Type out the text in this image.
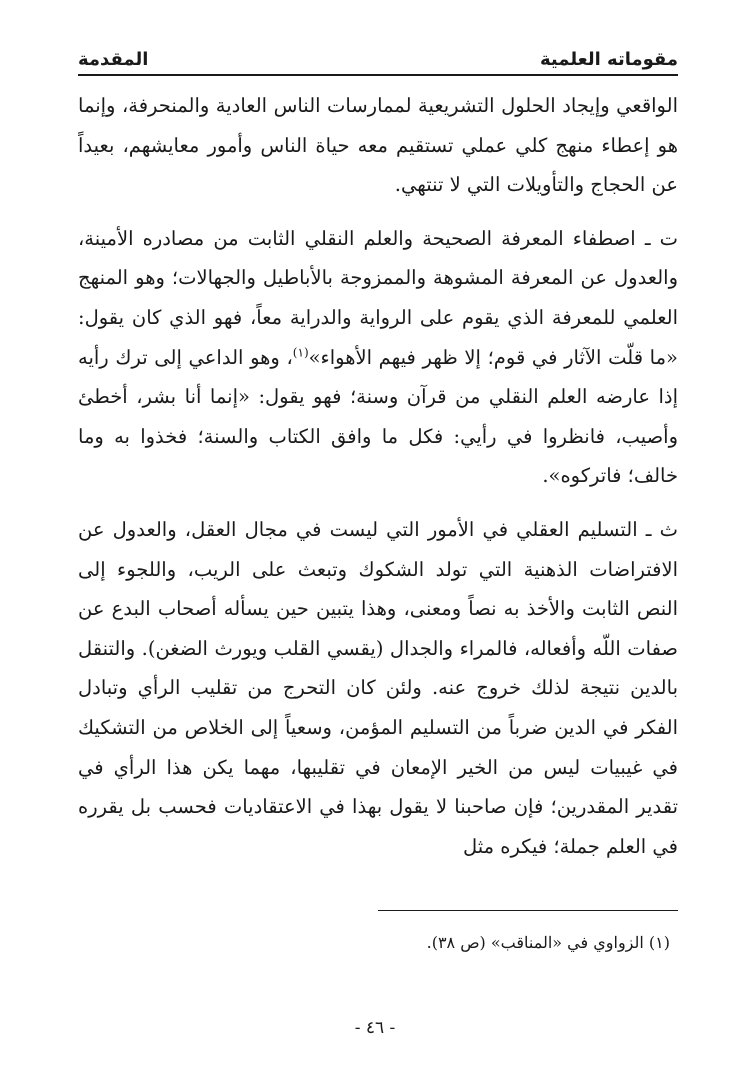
مقوماته العلمية
المقدمة

الواقعي وإيجاد الحلول التشريعية لممارسات الناس العادية والمنحرفة، وإنما هو إعطاء منهج كلي عملي تستقيم معه حياة الناس وأمور معايشهم، بعيداً عن الحجاج والتأويلات التي لا تنتهي.

ت ـ اصطفاء المعرفة الصحيحة والعلم النقلي الثابت من مصادره الأمينة، والعدول عن المعرفة المشوهة والممزوجة بالأباطيل والجهالات؛ وهو المنهج العلمي للمعرفة الذي يقوم على الرواية والدراية معاً، فهو الذي كان يقول: «ما قلّت الآثار في قوم؛ إلا ظهر فيهم الأهواء»$^{(١)}$، وهو الداعي إلى ترك رأيه إذا عارضه العلم النقلي من قرآن وسنة؛ فهو يقول: «إنما أنا بشر، أخطئ وأصيب، فانظروا في رأيي: فكل ما وافق الكتاب والسنة؛ فخذوا به وما خالف؛ فاتركوه».

ث ـ التسليم العقلي في الأمور التي ليست في مجال العقل، والعدول عن الافتراضات الذهنية التي تولد الشكوك وتبعث على الريب، واللجوء إلى النص الثابت والأخذ به نصاً ومعنى، وهذا يتبين حين يسأله أصحاب البدع عن صفات اللّه وأفعاله، فالمراء والجدال (يقسي القلب ويورث الضغن). والتنقل بالدين نتيجة لذلك خروج عنه. ولئن كان التحرج من تقليب الرأي وتبادل الفكر في الدين ضرباً من التسليم المؤمن، وسعياً إلى الخلاص من التشكيك في غيبيات ليس من الخير الإمعان في تقليبها، مهما يكن هذا الرأي في تقدير المقدرين؛ فإن صاحبنا لا يقول بهذا في الاعتقاديات فحسب بل يقرره في العلم جملة؛ فيكره مثل

(١) الزواوي في «المناقب» (ص ٣٨).
- ٤٦ -
